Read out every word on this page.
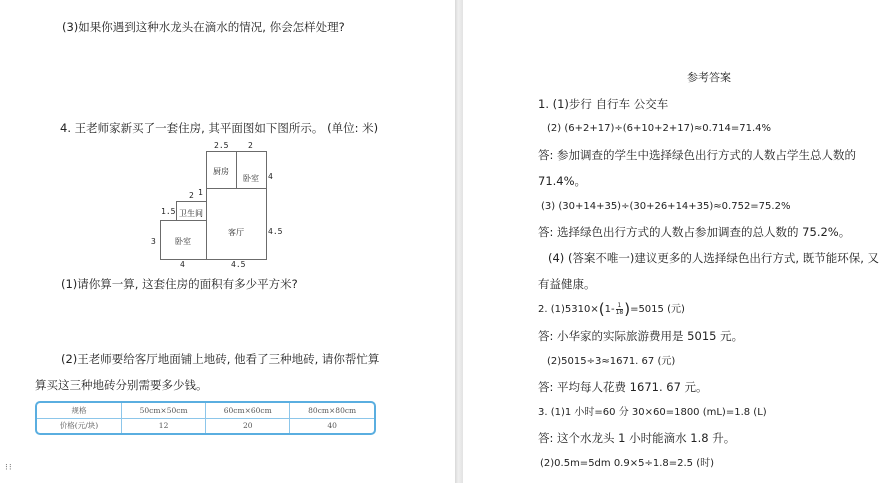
(3)如果你遇到这种水龙头在滴水的情况, 你会怎样处理?
4. 王老师家新买了一套住房, 其平面图如下图所示。 (单位: 米)
厨房
卧室
卫生间
卧室
客厅
2.5 2
4
2 1
1.5
3
4.5
4	4.5
(1)请你算一算, 这套住房的面积有多少平方米?
(2)王老师要给客厅地面铺上地砖, 他看了三种地砖, 请你帮忙算
算买这三种地砖分别需要多少钱。
规格	50cm×50cm	60cm×60cm	80cm×80cm
价格(元/块)	12	20	40
⁝⁝
参考答案
1. (1)步行 自行车 公交车
(2) (6+2+17)÷(6+10+2+17)≈0.714=71.4%
答: 参加调查的学生中选择绿色出行方式的人数占学生总人数的
71.4%。
(3) (30+14+35)÷(30+26+14+35)≈0.752=75.2%
答: 选择绿色出行方式的人数占参加调查的总人数的 75.2%。
(4) (答案不唯一)建议更多的人选择绿色出行方式, 既节能环保, 又
有益健康。
2. $(1)5310\times(1- \frac{1}{18} )=5015$ (元)
答: 小华家的实际旅游费用是 5015 元。
(2)5015÷3≈1671. 67 (元)
答: 平均每人花费 1671. 67 元。
3. (1)1 小时=60 分 30×60=1800 (mL)=1.8 (L)
答: 这个水龙头 1 小时能滴水 1.8 升。
(2)0.5m=5dm 0.9×5÷1.8=2.5 (时)
